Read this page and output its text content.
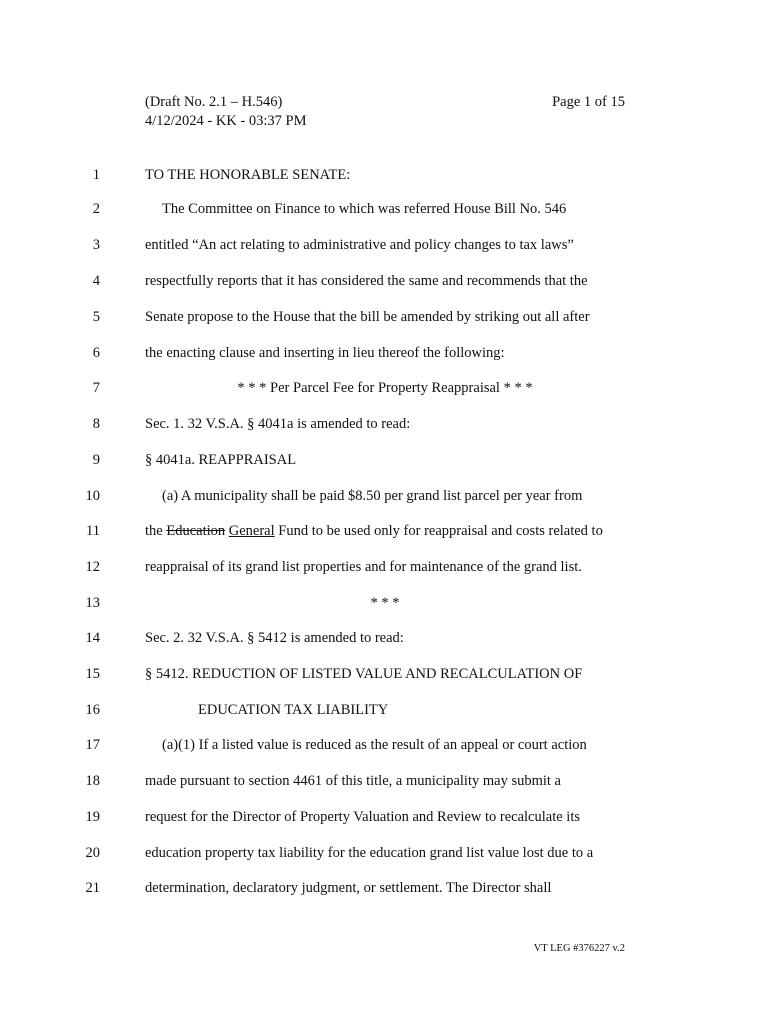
(Draft No. 2.1 – H.546)
4/12/2024 - KK - 03:37 PM
Page 1 of 15
1	TO THE HONORABLE SENATE:
2	The Committee on Finance to which was referred House Bill No. 546
3	entitled “An act relating to administrative and policy changes to tax laws”
4	respectfully reports that it has considered the same and recommends that the
5	Senate propose to the House that the bill be amended by striking out all after
6	the enacting clause and inserting in lieu thereof the following:
7	* * * Per Parcel Fee for Property Reappraisal * * *
8	Sec. 1. 32 V.S.A. § 4041a is amended to read:
9	§ 4041a. REAPPRAISAL
10	(a) A municipality shall be paid $8.50 per grand list parcel per year from
11	the Education General Fund to be used only for reappraisal and costs related to
12	reappraisal of its grand list properties and for maintenance of the grand list.
13	* * *
14	Sec. 2. 32 V.S.A. § 5412 is amended to read:
15	§ 5412. REDUCTION OF LISTED VALUE AND RECALCULATION OF
16	EDUCATION TAX LIABILITY
17	(a)(1) If a listed value is reduced as the result of an appeal or court action
18	made pursuant to section 4461 of this title, a municipality may submit a
19	request for the Director of Property Valuation and Review to recalculate its
20	education property tax liability for the education grand list value lost due to a
21	determination, declaratory judgment, or settlement. The Director shall
VT LEG #376227 v.2
